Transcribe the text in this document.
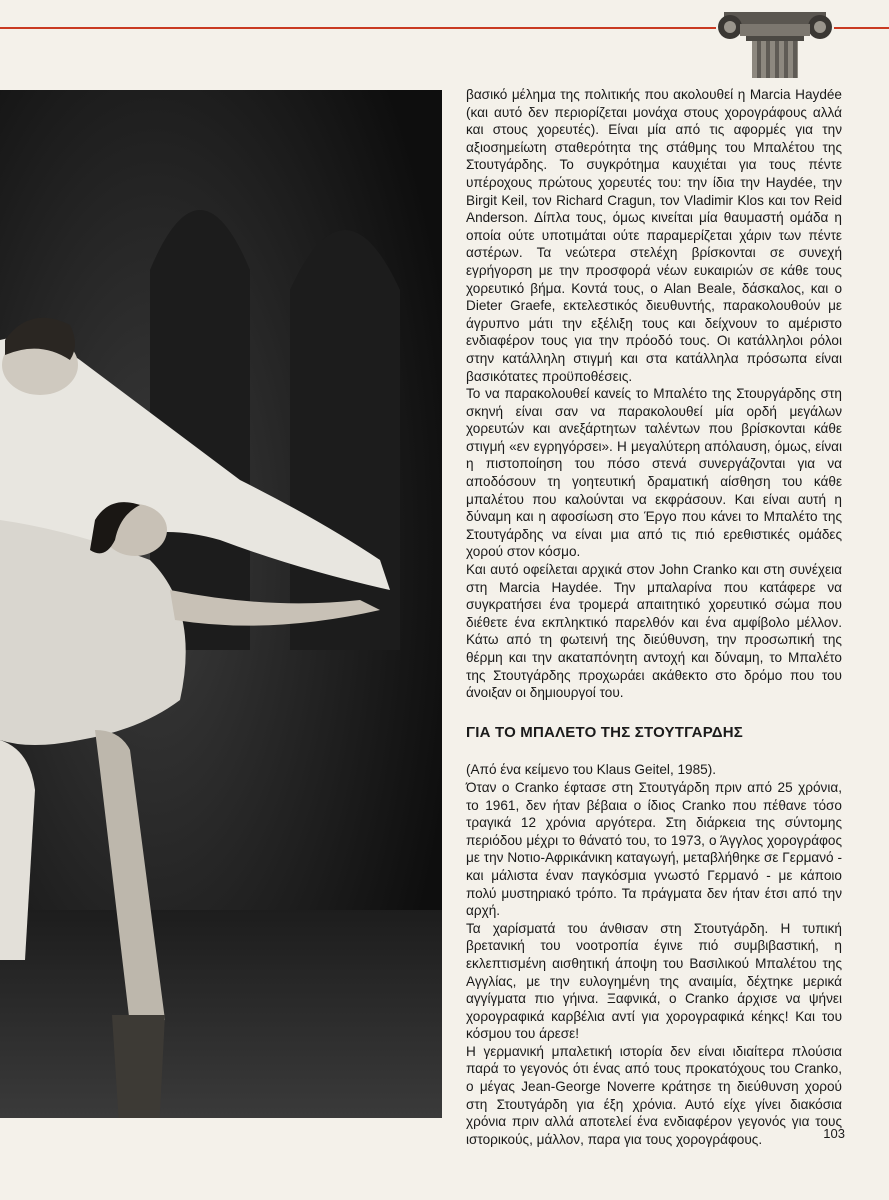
βασικό μέλημα της πολιτικής που ακολουθεί η Marcia Haydée (και αυτό δεν περιορίζεται μονάχα στους χορογράφους αλλά και στους χορευτές). Είναι μία από τις αφορμές για την αξιοσημείωτη σταθερότητα της στάθμης του Μπαλέτου της Στουτγάρδης. Το συγκρότημα καυχιέται για τους πέντε υπέροχους πρώτους χορευτές του: την ίδια την Haydée, την Birgit Keil, τον Richard Cragun, τον Vladimir Klos και τον Reid Anderson. Δίπλα τους, όμως κινείται μία θαυμαστή ομάδα η οποία ούτε υποτιμάται ούτε παραμερίζεται χάριν των πέντε αστέρων. Τα νεώτερα στελέχη βρίσκονται σε συνεχή εγρήγορση με την προσφορά νέων ευκαιριών σε κάθε τους χορευτικό βήμα. Κοντά τους, ο Alan Beale, δάσκαλος, και ο Dieter Graefe, εκτελεστικός διευθυντής, παρακολουθούν με άγρυπνο μάτι την εξέλιξη τους και δείχνουν το αμέριστο ενδιαφέρον τους για την πρόοδό τους. Οι κατάλληλοι ρόλοι στην κατάλληλη στιγμή και στα κατάλληλα πρόσωπα είναι βασικότατες προϋποθέσεις.

Το να παρακολουθεί κανείς το Μπαλέτο της Στουργάρδης στη σκηνή είναι σαν να παρακολουθεί μία ορδή μεγάλων χορευτών και ανεξάρτητων ταλέντων που βρίσκονται κάθε στιγμή «εν εγρηγόρσει». Η μεγαλύτερη απόλαυση, όμως, είναι η πιστοποίηση του πόσο στενά συνεργάζονται για να αποδόσουν τη γοητευτική δραματική αίσθηση του κάθε μπαλέτου που καλούνται να εκφράσουν. Και είναι αυτή η δύναμη και η αφοσίωση στο Έργο που κάνει το Μπαλέτο της Στουτγάρδης να είναι μια από τις πιό ερεθιστικές ομάδες χορού στον κόσμο.

Και αυτό οφείλεται αρχικά στον John Cranko και στη συνέχεια στη Marcia Haydée. Την μπαλαρίνα που κατάφερε να συγκρατήσει ένα τρομερά απαιτητικό χορευτικό σώμα που διέθετε ένα εκπληκτικό παρελθόν και ένα αμφίβολο μέλλον. Κάτω από τη φωτεινή της διεύθυνση, την προσωπική της θέρμη και την ακαταπόνητη αντοχή και δύναμη, το Μπαλέτο της Στουτγάρδης προχωράει ακάθεκτο στο δρόμο που του άνοιξαν οι δημιουργοί του.

ΓΙΑ ΤΟ ΜΠΑΛΕΤΟ ΤΗΣ ΣΤΟΥΤΓΑΡΔΗΣ

(Από ένα κείμενο του Klaus Geitel, 1985).

Όταν ο Cranko έφτασε στη Στουτγάρδη πριν από 25 χρόνια, το 1961, δεν ήταν βέβαια ο ίδιος Cranko που πέθανε τόσο τραγικά 12 χρόνια αργότερα. Στη διάρκεια της σύντομης περιόδου μέχρι το θάνατό του, το 1973, ο Άγγλος χορογράφος με την Νοτιο-Αφρικάνικη καταγωγή, μεταβλήθηκε σε Γερμανό - και μάλιστα έναν παγκόσμια γνωστό Γερμανό - με κάποιο πολύ μυστηριακό τρόπο. Τα πράγματα δεν ήταν έτσι από την αρχή.

Τα χαρίσματά του άνθισαν στη Στουτγάρδη. Η τυπική βρετανική του νοοτροπία έγινε πιό συμβιβαστική, η εκλεπτισμένη αισθητική άποψη του Βασιλικού Μπαλέτου της Αγγλίας, με την ευλογημένη της αναιμία, δέχτηκε μερικά αγγίγματα πιο γήινα. Ξαφνικά, ο Cranko άρχισε να ψήνει χορογραφικά καρβέλια αντί για χορογραφικά κέηκς! Και του κόσμου του άρεσε!

Η γερμανική μπαλετική ιστορία δεν είναι ιδιαίτερα πλούσια παρά το γεγονός ότι ένας από τους προκατόχους του Cranko, ο μέγας Jean-George Noverre κράτησε τη διεύθυνση χορού στη Στουτγάρδη για έξη χρόνια. Αυτό είχε γίνει διακόσια χρόνια πριν αλλά αποτελεί ένα ενδιαφέρον γεγονός για τους ιστορικούς, μάλλον, παρα για τους χορογράφους.	103
